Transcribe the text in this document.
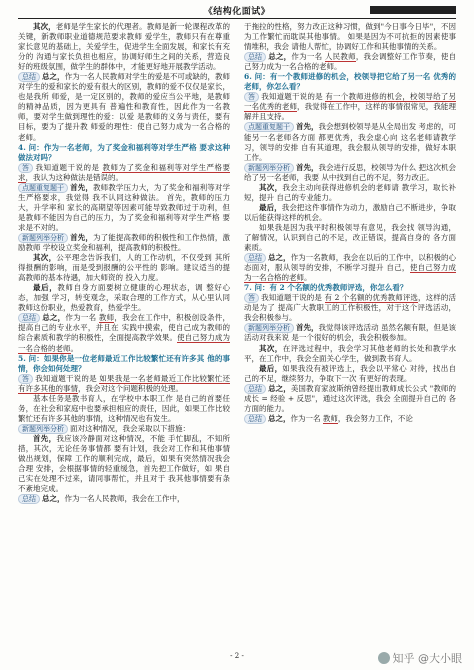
《结构化面试》

其次，老师是学生家长的代理者。教师是新一轮课程改革的关键，新教师职业道德规范要求教师 爱学生，教师只有在尊重家长意见的基础上，关爱学生，促进学生全面发展，和家长有充分的 沟通与家长负担也相应，协调好师生之间的关系，营造良好的班级氛围，做学生的群体中，才能更好地开展教学活动。

总结 总之，作为一名人民教师对学生的爱是不可或缺的，教师对学生的爱和家长的爱有很大的区别，教师的爱不仅仅是家长，也是我所 师爱，是一定区别的，教师的爱应当公平地，是教师的精神品质，因为更具有 普遍性和教育性，因此作为一名教师，要对学生做到理性的爱：以爱 是教师的义务与责任，要有目标，要为了提升教 师爱的理性：使自己努力成为一名合格的老师。

4. 问：作为一名老师，为了奖金和福利等对学生严格 要求这种做法对吗？

答 我知道题干说的是 教师为了奖金和福利等对学生严格要求，我认为这种做法是错误的。

点题重复题干 首先，教师教学压力大，为了奖金和福利等对学生严格要求，我觉得 我不认同这种做法。 首先，教师的压力大，升学率和 家长的高期望等因素可能导致教师过于功利，但 是教师不能因为自己的压力，为了奖金和福利等对学生严格 要求是不对的。

新题列举分析 首先，为了能提高教师的积极性和工作热情，激励教师 学校设立奖金和福利，提高教师的积极性。

其次，公平理念告诉我们，人的工作动机，不仅受到 其所得报酬的影响，而是受到报酬的公平性的 影响。建议适当的提高教师的基本待遇，加大师资的 投入力度。

最后，教师自身方面要树立健康的心理状态，调 整好心态，加强 学习，转变观念，采取合理的工作方式，从心里认同教师这份职业，热爱教育，热爱学生。

总结 总之，作为一名 教师，我会在工作中，积极创设条件，提高自己的专业水平，并且在 实践中摸索，使自己成为教师的综合素质和教学的积极性，全面提高教学效果。使自己努力成为一名合格的老师。

5. 问：如果你是一位老师最近工作比较繁忙还有许多其 他的事情，你会如何处理？

答 我知道题干说的是 如果我是一名老师最近工作比较繁忙还有许多其他的事情，我会对这个问题积极的处理。

基本任务是教书育人，在学校中本职工作 是自己的首要任务，在社会和家庭中也要承担相应的责任，因此，如果工作比较繁忙还有许多其他的事情，这种情况也有发生。

新题列举分析 面对这种情况，我会采取以下措施：

首先，我应该冷静面对这种情况，不能 手忙脚乱，不知所措，其次，无论任务事情都 要有计划，我会对工作和其他事情做出规划，保障 工作的顺利完成，最后，如果有突然情况我会合理 安排，会根据事情的轻重缓急，首先把工作做好，如 果自己实在处理不过来，请同事帮忙，并且对于 我其他事情要有条不紊地完成。

总结 总之，作为一名人民教师，我会在工作中，

于拖拉的性格，努力改正这种习惯，做到"今日事今日毕"，不因为工作繁忙而耽误其他事情。 如果是因为不可抗拒的因素使事情堆积，我会 请他人帮忙，协调好工作和其他事情的关系。

总结 总之，作为一名 人民教师，我会调整好工作节奏，使自己努力成为一名合格的老师。

6. 问：有一个教师进修的机会，校领导把它给了另一名 优秀的老师，你怎么看？

答 我知道题干说的是 有一个教师进修的机会，校领导给了另一名优秀的老师，我觉得在工作中，这样的事情很常见，我能理解并且支持。

点题重复题干 首先，我会想到校领导是从全局出发 考虑的，可能另一名老师各方面 都更优秀，我会虚心向 这名老师请教学习，领导的安排 自有其道理，我会服从领导的安排，做好本职 工作。

新题列举分析 首先，我会进行反思，校领导为什么 把这次机会给了另一名老师，我要 从中找到自己的不足，努力改正。

其次，我会主动向获得进修机会的老师请 教学习，取长补短，提升 自己的专业能力。

最后，我会把这件事情作为动力，激励自己不断进步，争取 以后能获得这样的机会。

如果我是因为我平时积极领导有意见，我会找 领导沟通，了解情况，认识到自己的不足，改正错误，提高自身的 各方面素质。

总结 总之，作为一名教师，我会在以后的工作中，以积极的心态面对，服从领导的安排，不断学习提升 自己，使自己努力成为一名合格的老师。

7. 问：有 2 个名额的优秀教师评选，你怎么看？

答 我知道题干说的是 有 2 个名额的优秀教师评选，这样的活动是为了 提高广大教职工的工作积极性，对于这个评选活动，我会积极参与。

新题列举分析 首先，我觉得该评选活动 虽然名额有限，但是该活动对我来说 是一个很好的机会，我会积极参加。

其次，在评选过程中，我会学习其他老师的长处和教学水平，在工作中，我会全面关心学生，做到教书育人。

最后，如果我没有被评选上，我会以平常心 对待，找出自己的不足，继续努力，争取下一次 有更好的表现。

总结 总之，美国教育家波斯纳曾经提出教师成长公式 "教师的成长 = 经验 + 反思"，通过这次评选，我会 全面提升自己的 各方面的能力。

总结 总之，作为一名 教师，我会努力工作，不论

- 2 -	知乎 @大小眼
